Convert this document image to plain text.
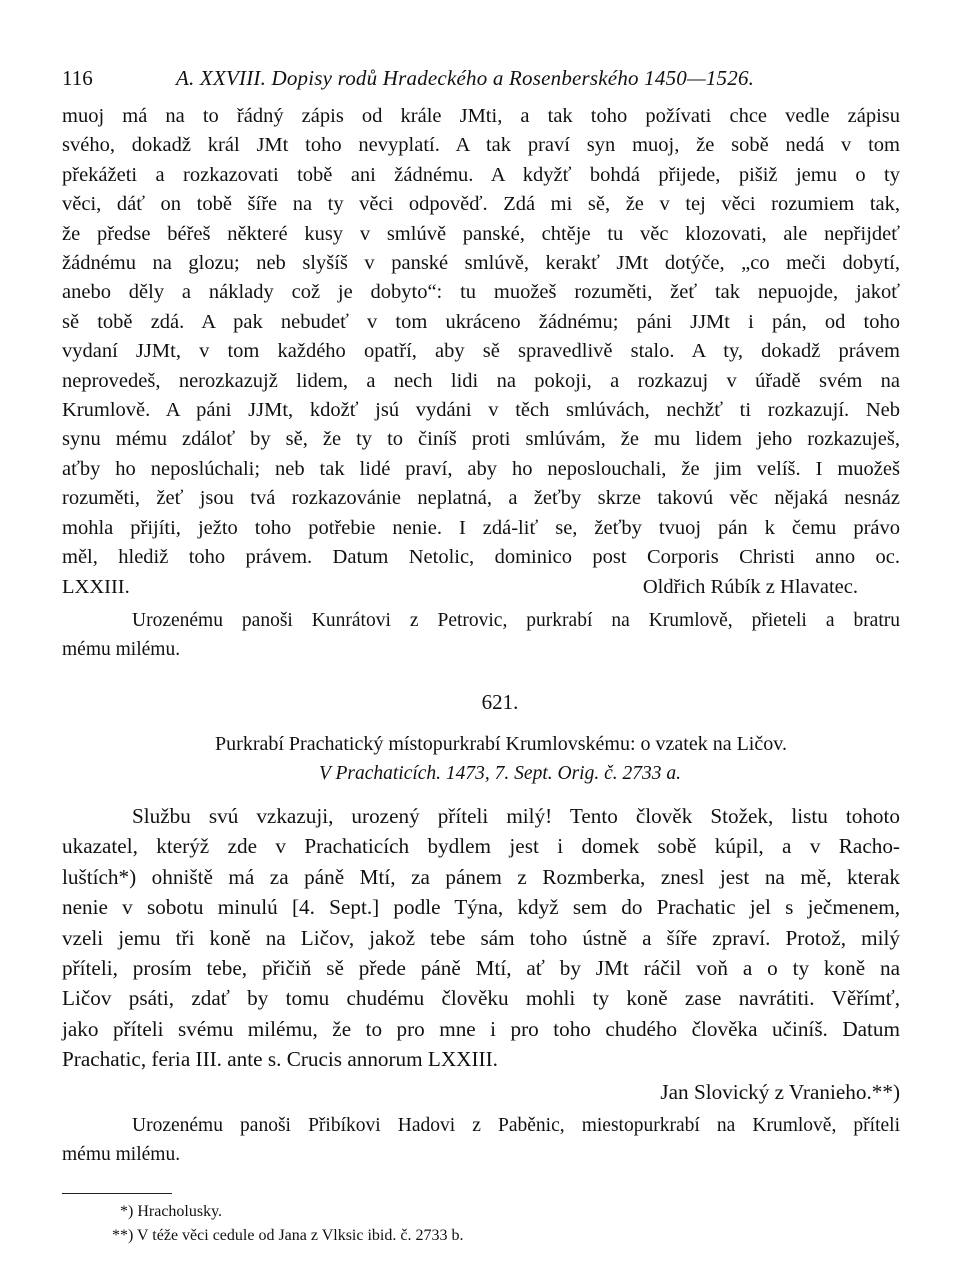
116	A. XXVIII. Dopisy rodů Hradeckého a Rosenberského 1450—1526.

muoj má na to řádný zápis od krále JMti, a tak toho požívati chce vedle zápisu

svého, dokadž král JMt toho nevyplatí. A tak praví syn muoj, že sobě nedá v tom

překážeti a rozkazovati tobě ani žádnému. A kdyžť bohdá přijede, pišiž jemu o ty

věci, dáť on tobě šíře na ty věci odpověď. Zdá mi sě, že v tej věci rozumiem tak,

že předse béřeš některé kusy v smlúvě panské, chtěje tu věc klozovati, ale nepřijdeť

žádnému na glozu; neb slyšíš v panské smlúvě, kerakť JMt dotýče, „co meči dobytí,

anebo děly a náklady což je dobyto“: tu muožeš rozuměti, žeť tak nepuojde, jakoť

sě tobě zdá. A pak nebudeť v tom ukráceno žádnému; páni JJMt i pán, od toho

vydaní JJMt, v tom každého opatří, aby sě spravedlivě stalo. A ty, dokadž právem

neprovedeš, nerozkazujž lidem, a nech lidi na pokoji, a rozkazuj v úřadě svém na

Krumlově. A páni JJMt, kdožť jsú vydáni v těch smlúvách, nechžť ti rozkazují. Neb

synu mému zdáloť by sě, že ty to činíš proti smlúvám, že mu lidem jeho rozkazuješ,

aťby ho neposlúchali; neb tak lidé praví, aby ho neposlouchali, že jim velíš. I muožeš

rozuměti, žeť jsou tvá rozkazovánie neplatná, a žeťby skrze takovú věc nějaká nesnáz

mohla přijíti, ježto toho potřebie nenie. I zdá-liť se, žeťby tvuoj pán k čemu právo

měl, hlediž toho právem. Datum Netolic, dominico post Corporis Christi anno oc.

LXXIII.	Oldřich Rúbík z Hlavatec.
Urozenému panoši Kunrátovi z Petrovic, purkrabí na Krumlově, přieteli a bratru
mému milému.
621.
Purkrabí Prachatický místopurkrabí Krumlovskému: o vzatek na Ličov.
V Prachaticích. 1473, 7. Sept. Orig. č. 2733 a.

Službu svú vzkazuji, urozený příteli milý! Tento člověk Stožek, listu tohoto

ukazatel, kterýž zde v Prachaticích bydlem jest i domek sobě kúpil, a v Racho-

luštích*) ohniště má za páně Mtí, za pánem z Rozmberka, znesl jest na mě, kterak

nenie v sobotu minulú [4. Sept.] podle Týna, když sem do Prachatic jel s ječmenem,

vzeli jemu tři koně na Ličov, jakož tebe sám toho ústně a šíře zpraví. Protož, milý

příteli, prosím tebe, přičiň sě přede páně Mtí, ať by JMt ráčil voň a o ty koně na

Ličov psáti, zdať by tomu chudému člověku mohli ty koně zase navrátiti. Věřímť,

jako příteli svému milému, že to pro mne i pro toho chudého člověka učiníš. Datum

Prachatic, feria III. ante s. Crucis annorum LXXIII.

Jan Slovický z Vranieho.**)
Urozenému panoši Přibíkovi Hadovi z Paběnic, miestopurkrabí na Krumlově, příteli
mému milému.
*) Hracholusky.
**) V téže věci cedule od Jana z Vlksic ibid. č. 2733 b.
